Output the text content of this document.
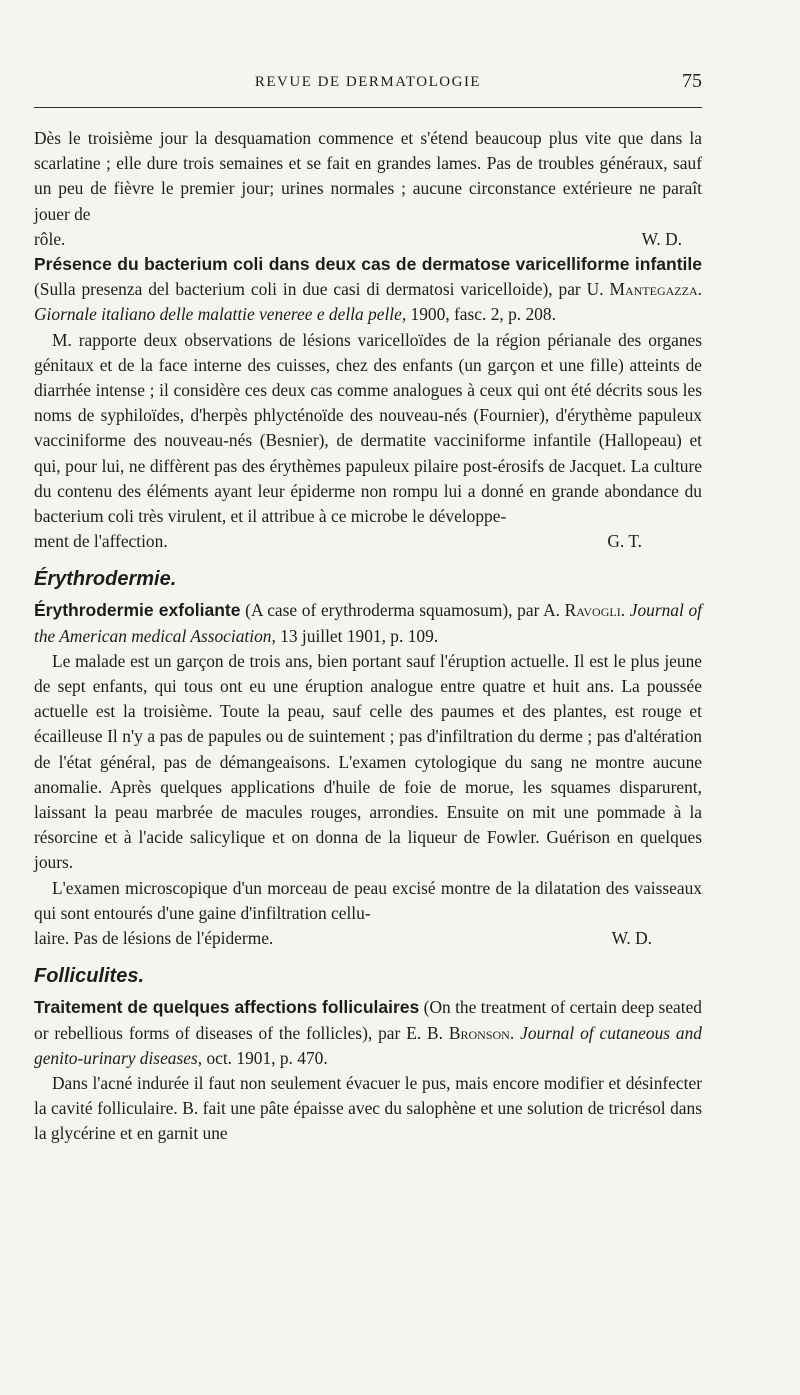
REVUE DE DERMATOLOGIE	75

Dès le troisième jour la desquamation commence et s'étend beaucoup plus vite que dans la scarlatine ; elle dure trois semaines et se fait en grandes lames. Pas de troubles généraux, sauf un peu de fièvre le premier jour; urines normales ; aucune circonstance extérieure ne paraît jouer de

rôle.	W. D.

Présence du bacterium coli dans deux cas de dermatose varicelliforme infantile (Sulla presenza del bacterium coli in due casi di dermatosi varicelloide), par U. Mantegazza. Giornale italiano delle malattie veneree e della pelle, 1900, fasc. 2, p. 208.

M. rapporte deux observations de lésions varicelloïdes de la région périanale des organes génitaux et de la face interne des cuisses, chez des enfants (un garçon et une fille) atteints de diarrhée intense ; il considère ces deux cas comme analogues à ceux qui ont été décrits sous les noms de syphiloïdes, d'herpès phlycténoïde des nouveau-nés (Fournier), d'érythème papuleux vacciniforme des nouveau-nés (Besnier), de dermatite vacciniforme infantile (Hallopeau) et qui, pour lui, ne diffèrent pas des érythèmes papuleux pilaire post-érosifs de Jacquet. La culture du contenu des éléments ayant leur épiderme non rompu lui a donné en grande abondance du bacterium coli très virulent, et il attribue à ce microbe le développe-

ment de l'affection.	G. T.
Érythrodermie.

Érythrodermie exfoliante (A case of erythroderma squamosum), par A. Ravogli. Journal of the American medical Association, 13 juillet 1901, p. 109.

Le malade est un garçon de trois ans, bien portant sauf l'éruption actuelle. Il est le plus jeune de sept enfants, qui tous ont eu une éruption analogue entre quatre et huit ans. La poussée actuelle est la troisième. Toute la peau, sauf celle des paumes et des plantes, est rouge et écailleuse Il n'y a pas de papules ou de suintement ; pas d'infiltration du derme ; pas d'altération de l'état général, pas de démangeaisons. L'examen cytologique du sang ne montre aucune anomalie. Après quelques applications d'huile de foie de morue, les squames disparurent, laissant la peau marbrée de macules rouges, arrondies. Ensuite on mit une pommade à la résorcine et à l'acide salicylique et on donna de la liqueur de Fowler. Guérison en quelques jours.

L'examen microscopique d'un morceau de peau excisé montre de la dilatation des vaisseaux qui sont entourés d'une gaine d'infiltration cellu-

laire. Pas de lésions de l'épiderme.	W. D.
Folliculites.

Traitement de quelques affections folliculaires (On the treatment of certain deep seated or rebellious forms of diseases of the follicles), par E. B. Bronson. Journal of cutaneous and genito-urinary diseases, oct. 1901, p. 470.

Dans l'acné indurée il faut non seulement évacuer le pus, mais encore modifier et désinfecter la cavité folliculaire. B. fait une pâte épaisse avec du salophène et une solution de tricrésol dans la glycérine et en garnit une
